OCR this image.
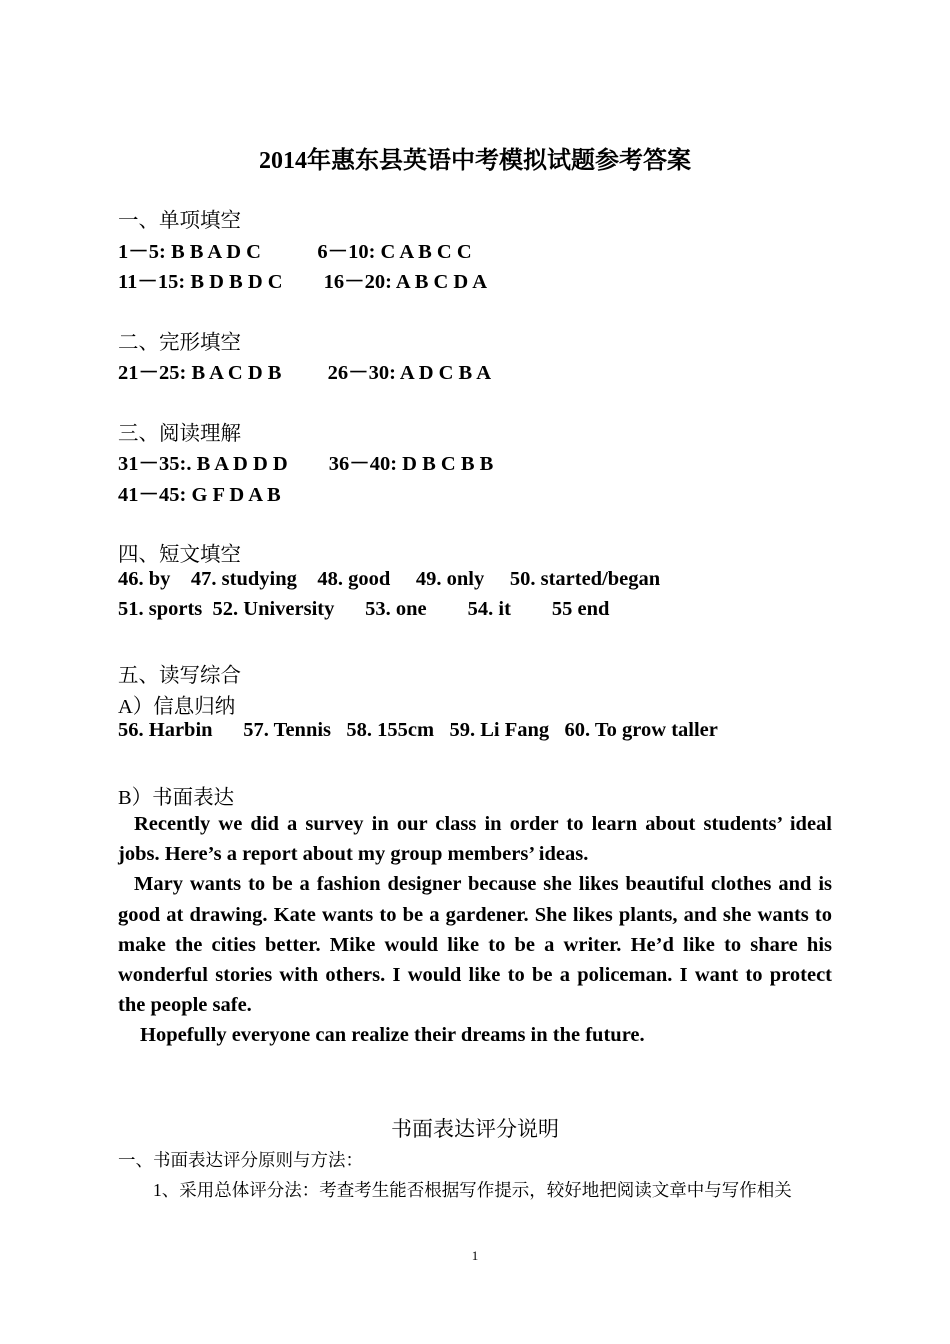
2014年惠东县英语中考模拟试题参考答案
一、单项填空
1－5: B B A D C           6－10: C A B C C
11－15: B D B D C        16－20: A B C D A
二、完形填空
21－25: B A C D B         26－30: A D C B A
三、阅读理解
31－35:. B A D D D        36－40: D B C B B
41－45: G F D A B
四、短文填空
46. by    47. studying    48. good     49. only     50. started/began
51. sports  52. University      53. one        54. it        55 end
五、读写综合
A）信息归纳
56. Harbin      57. Tennis   58. 155cm   59. Li Fang   60. To grow taller
B）书面表达

Recently we did a survey in our class in order to learn about students’ ideal jobs. Here’s a report about my group members’ ideas.

Mary wants to be a fashion designer because she likes beautiful clothes and is good at drawing. Kate wants to be a gardener. She likes plants, and she wants to make the cities better. Mike would like to be a writer. He’d like to share his wonderful stories with others. I would like to be a policeman. I want to protect the people safe.

Hopefully everyone can realize their dreams in the future.

书面表达评分说明
一、书面表达评分原则与方法：
1、采用总体评分法：考查考生能否根据写作提示，较好地把阅读文章中与写作相关
1
